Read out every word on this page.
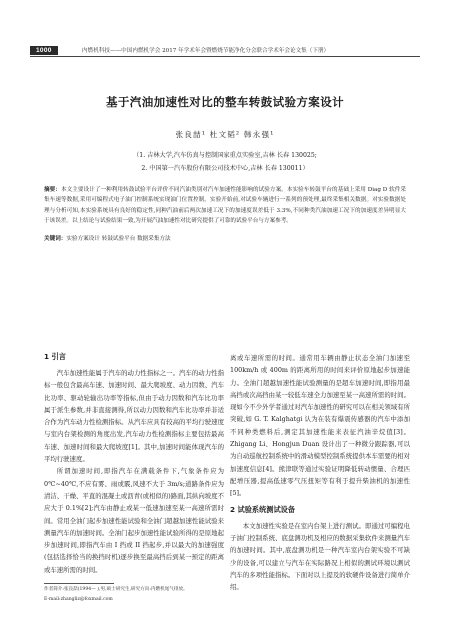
1000	内燃机科技——中国内燃机学会 2017 年学术年会暨燃烧节能净化分会联合学术年会论文集（下册）
基于汽油加速性对比的整车转鼓试验方案设计
张良喆¹ 杜文韬² 韩永强¹
（1. 吉林大学,汽车仿真与控制国家重点实验室,吉林 长春 130025;
2. 中国第一汽车股份有限公司技术中心,吉林 长春 130011）
摘要：本文主要设计了一种利用转鼓试验平台评价不同汽油类别对汽车加速性能影响的试验方案。本实验车转鼓平台的基础上采用 Diag D 软件采集车速等数据,采用可编程式电子油门控制系统实现油门位置控制。实验开始前,对试验车辆进行一系列的预处理,最终采集相关数据。对实验数据处理与分析可知,本实验系统具有良好的稳定性,同种汽油前后两次加速工况下的加速度误差低于 3.3%,不同种类汽油加速工况下的加速度差异明显大于该误差。以上结论与试验结果一致,为开展汽油加速性对比研究提供了可靠的试验平台与方案参考。
关键词：实验方案设计 转鼓试验平台 数据采集方法
1 引言

汽车加速性能属于汽车的动力性指标之一。汽车的动力性指标一般包含最高车速、加速时间、最大爬坡度、动力因数、汽车比功率、驱动轮输出功率等指标,但由于动力因数和汽车比功率属于派生参数,并非直接测得,所以动力因数和汽车比功率并非适合作为汽车动力性检测指标。从汽车应具有较高的平均行驶速度与室内台架检测的角度出发,汽车动力性检测指标主要包括最高车速、加速时间和最大爬坡度[1]。其中,加速时间能体现汽车的平均行驶速度。

所谓加速时间,即指汽车在满载条件下,气象条件应为 0℃~40℃,不应有雾、雨或霰,风速不大于 3m/s;道路条件应为清洁、干燥、平直的混凝土或沥青(或相似的)路面,其纵向坡度不应大于 0.1%[2];汽车由静止或某一低速加速至某一高速所需时间。常用全油门起步加速性能试验和全油门超越加速性能试验来测量汽车的加速时间。全油门起步加速性能试验所得的是原地起步加速时间,即指汽车由 I 挡或 II 挡起步,并以最大的加速强度(包括选择恰当的换挡时机)逐步换至最高挡后到某一预定的距离或车速所需的时间。

离或车速所需的时间。通常用车辆由静止状态全油门加速至 100km/h 或 400m 的距离所用的时间来评价原地起步加速能力。全油门超越加速性能试验测量的是超车加速时间,即指用最高挡或次高挡由某一较低车速全力加速至某一高速所需的时间。现如今不少外学者通过对汽车加速性的研究可以在相关领域有所突破,如 G. T. Kalghatgi 认为在装有爆震传感器的汽车中添加不同种类燃料后,测定其加速性能来表征汽油辛烷值[3]。Zhigang Li、Hongjun Duan 设计出了一种微分跟踪器,可以为自动巡航控制系统中的滑动模型控制系统提供本车需要的相对加速度信息[4]。熊津联等通过实验证明降低转动惯量、合理匹配增压器,提高低速零气压扭矩等有利于提升柴油机的加速性[5]。

2 试验系统测试设备

本文加速性实验是在室内台架上进行测试。即通过可编程电子油门控制系统、底盘测功机及相应的数据采集软件来测量汽车的加速时间。其中,底盘测功机是一种汽车室内台架实验不可缺少的设备,可以建立与汽车在实际路况上相似的测试环境以测试汽车的多项性能指标。下面对以上提及的软硬件设备进行简单介绍。

作者简介:张良喆(1994— ),男,硕士研究生,研究方向:内燃机尾气排放。
E-mail:zhangliz@foxmail.com
